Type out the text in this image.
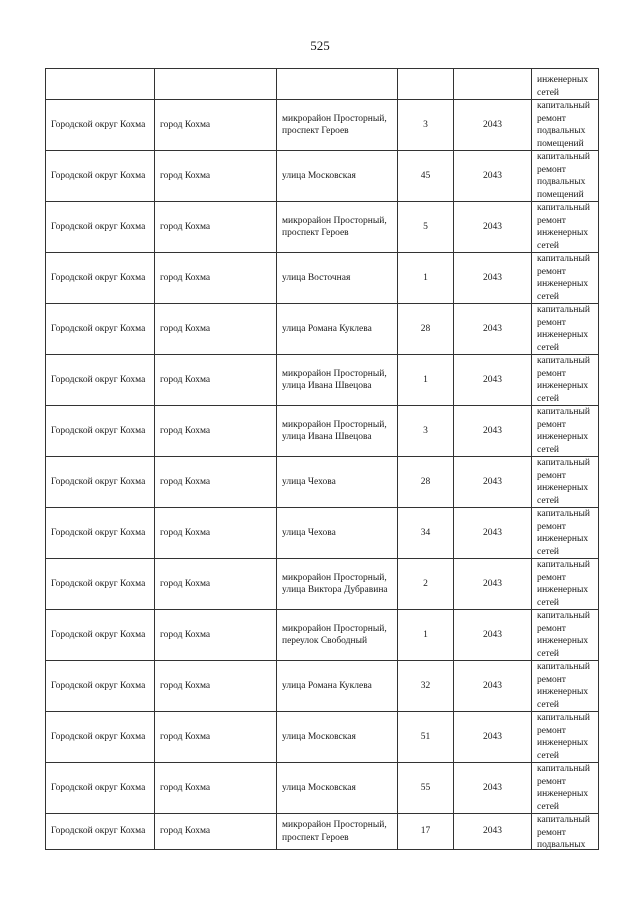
525

					инженерных
сетей

Городской округ Кохма	город Кохма	микрорайон Просторный, проспект Героев	3	2043	капитальный
ремонт
подвальных
помещений

Городской округ Кохма	город Кохма	улица Московская	45	2043	капитальный
ремонт
подвальных
помещений

Городской округ Кохма	город Кохма	микрорайон Просторный, проспект Героев	5	2043	капитальный
ремонт
инженерных
сетей

Городской округ Кохма	город Кохма	улица Восточная	1	2043	капитальный
ремонт
инженерных
сетей

Городской округ Кохма	город Кохма	улица Романа Куклева	28	2043	капитальный
ремонт
инженерных
сетей

Городской округ Кохма	город Кохма	микрорайон Просторный, улица Ивана Швецова	1	2043	капитальный
ремонт
инженерных
сетей

Городской округ Кохма	город Кохма	микрорайон Просторный, улица Ивана Швецова	3	2043	капитальный
ремонт
инженерных
сетей

Городской округ Кохма	город Кохма	улица Чехова	28	2043	капитальный
ремонт
инженерных
сетей

Городской округ Кохма	город Кохма	улица Чехова	34	2043	капитальный
ремонт
инженерных
сетей

Городской округ Кохма	город Кохма	микрорайон Просторный, улица Виктора Дубравина	2	2043	капитальный
ремонт
инженерных
сетей

Городской округ Кохма	город Кохма	микрорайон Просторный, переулок Свободный	1	2043	капитальный
ремонт
инженерных
сетей

Городской округ Кохма	город Кохма	улица Романа Куклева	32	2043	капитальный
ремонт
инженерных
сетей

Городской округ Кохма	город Кохма	улица Московская	51	2043	капитальный
ремонт
инженерных
сетей

Городской округ Кохма	город Кохма	улица Московская	55	2043	капитальный
ремонт
инженерных
сетей

Городской округ Кохма	город Кохма	микрорайон Просторный, проспект Героев	17	2043	капитальный
ремонт
подвальных
